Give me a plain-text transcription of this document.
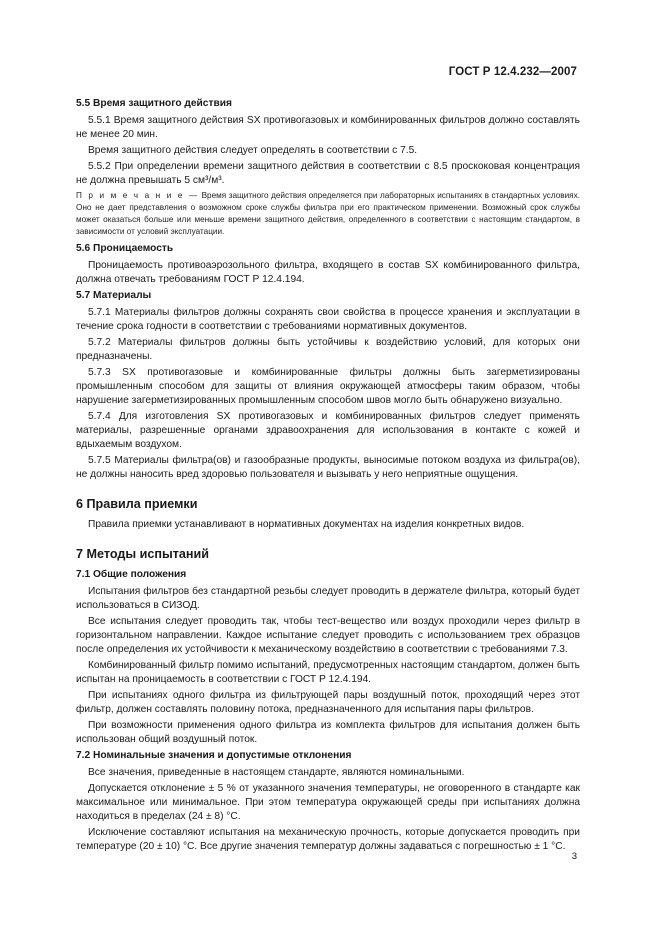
ГОСТ Р 12.4.232—2007
5.5 Время защитного действия
5.5.1 Время защитного действия SX противогазовых и комбинированных фильтров должно составлять не менее 20 мин.
Время защитного действия следует определять в соответствии с 7.5.
5.5.2 При определении времени защитного действия в соответствии с 8.5 проскоковая концентрация не должна превышать 5 см³/м³.
П р и м е ч а н и е — Время защитного действия определяется при лабораторных испытаниях в стандартных условиях. Оно не дает представления о возможном сроке службы фильтра при его практическом применении. Возможный срок службы может оказаться больше или меньше времени защитного действия, определенного в соответствии с настоящим стандартом, в зависимости от условий эксплуатации.
5.6 Проницаемость
Проницаемость противоаэрозольного фильтра, входящего в состав SX комбинированного фильтра, должна отвечать требованиям ГОСТ Р 12.4.194.
5.7 Материалы
5.7.1 Материалы фильтров должны сохранять свои свойства в процессе хранения и эксплуатации в течение срока годности в соответствии с требованиями нормативных документов.
5.7.2 Материалы фильтров должны быть устойчивы к воздействию условий, для которых они предназначены.
5.7.3 SX противогазовые и комбинированные фильтры должны быть загерметизированы промышленным способом для защиты от влияния окружающей атмосферы таким образом, чтобы нарушение загерметизированных промышленным способом швов могло быть обнаружено визуально.
5.7.4 Для изготовления SX противогазовых и комбинированных фильтров следует применять материалы, разрешенные органами здравоохранения для использования в контакте с кожей и вдыхаемым воздухом.
5.7.5 Материалы фильтра(ов) и газообразные продукты, выносимые потоком воздуха из фильтра(ов), не должны наносить вред здоровью пользователя и вызывать у него неприятные ощущения.
6 Правила приемки
Правила приемки устанавливают в нормативных документах на изделия конкретных видов.
7 Методы испытаний
7.1 Общие положения
Испытания фильтров без стандартной резьбы следует проводить в держателе фильтра, который будет использоваться в СИЗОД.
Все испытания следует проводить так, чтобы тест-вещество или воздух проходили через фильтр в горизонтальном направлении. Каждое испытание следует проводить с использованием трех образцов после определения их устойчивости к механическому воздействию в соответствии с требованиями 7.3.
Комбинированный фильтр помимо испытаний, предусмотренных настоящим стандартом, должен быть испытан на проницаемость в соответствии с ГОСТ Р 12.4.194.
При испытаниях одного фильтра из фильтрующей пары воздушный поток, проходящий через этот фильтр, должен составлять половину потока, предназначенного для испытания пары фильтров.
При возможности применения одного фильтра из комплекта фильтров для испытания должен быть использован общий воздушный поток.
7.2 Номинальные значения и допустимые отклонения
Все значения, приведенные в настоящем стандарте, являются номинальными.
Допускается отклонение ± 5 % от указанного значения температуры, не оговоренного в стандарте как максимальное или минимальное. При этом температура окружающей среды при испытаниях должна находиться в пределах (24 ± 8) °С.
Исключение составляют испытания на механическую прочность, которые допускается проводить при температуре (20 ± 10) °С. Все другие значения температур должны задаваться с погрешностью ± 1 °С.
3
